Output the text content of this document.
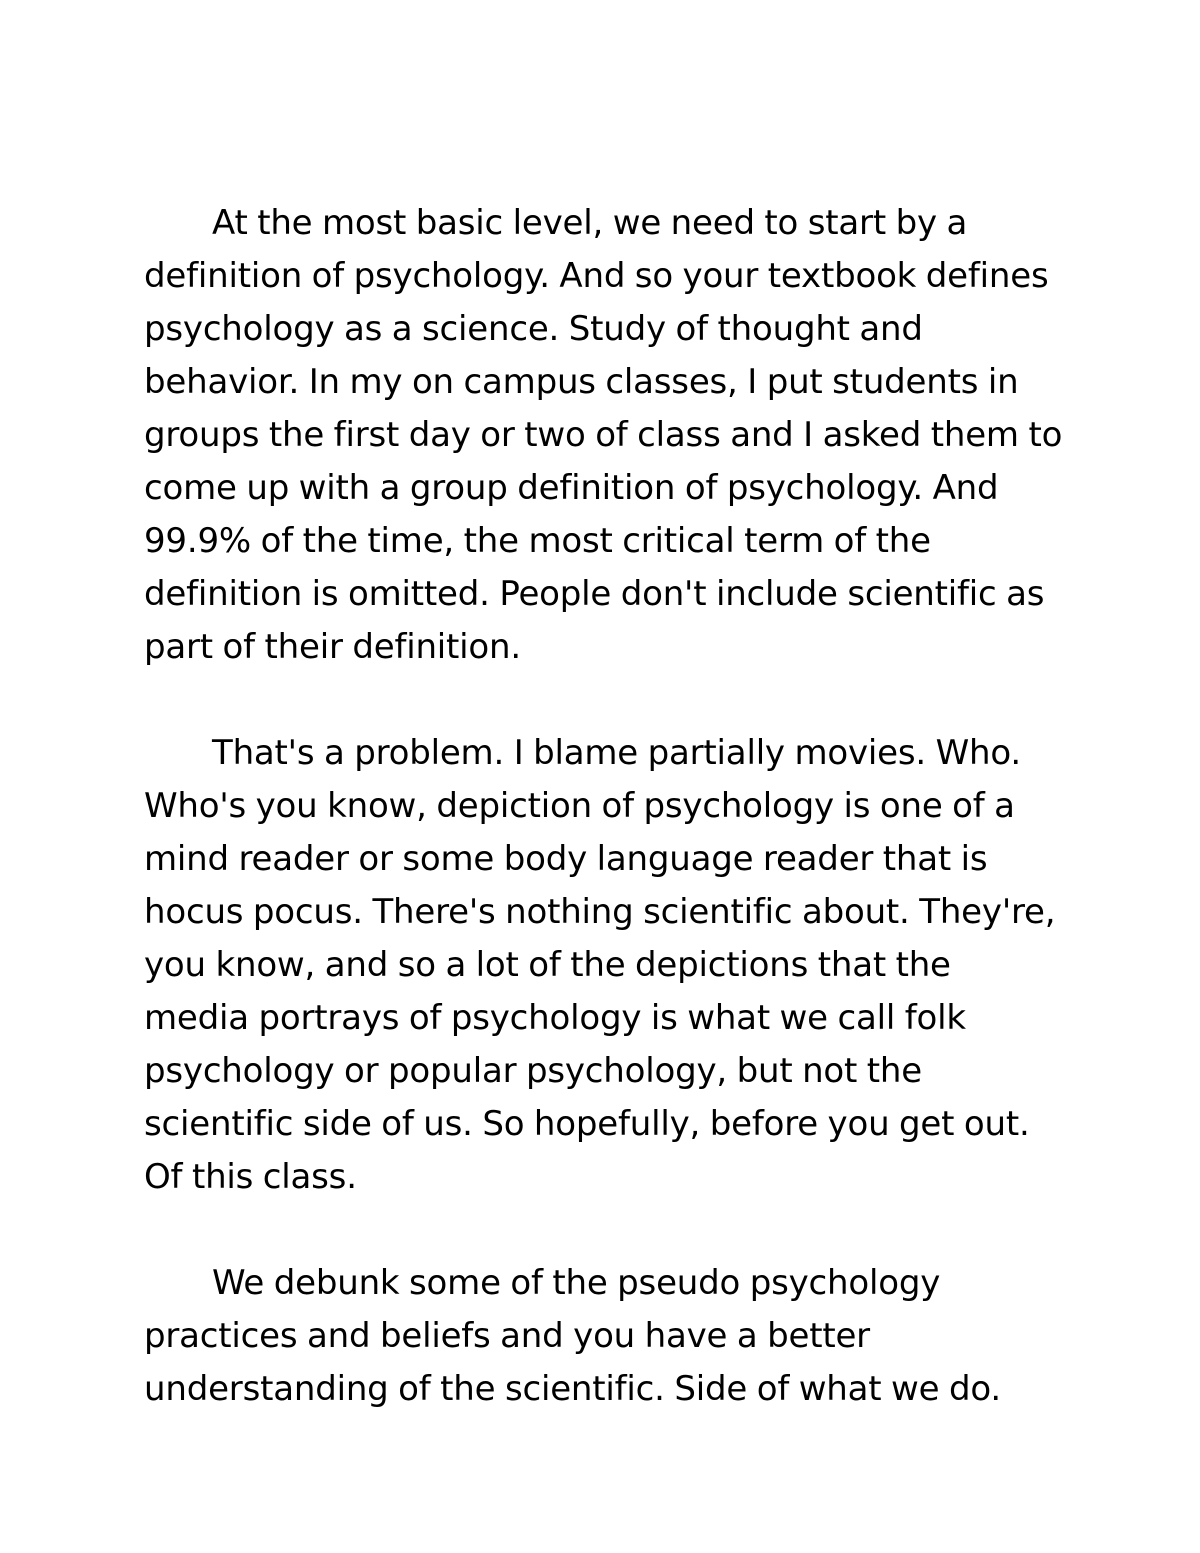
At the most basic level, we need to start by a definition of psychology. And so your textbook defines psychology as a science. Study of thought and behavior. In my on campus classes, I put students in groups the first day or two of class and I asked them to come up with a group definition of psychology. And 99.9% of the time, the most critical term of the definition is omitted. People don't include scientific as part of their definition.

That's a problem. I blame partially movies. Who. Who's you know, depiction of psychology is one of a mind reader or some body language reader that is hocus pocus. There's nothing scientific about. They're, you know, and so a lot of the depictions that the media portrays of psychology is what we call folk psychology or popular psychology, but not the scientific side of us. So hopefully, before you get out. Of this class.

We debunk some of the pseudo psychology practices and beliefs and you have a better understanding of the scientific. Side of what we do.
